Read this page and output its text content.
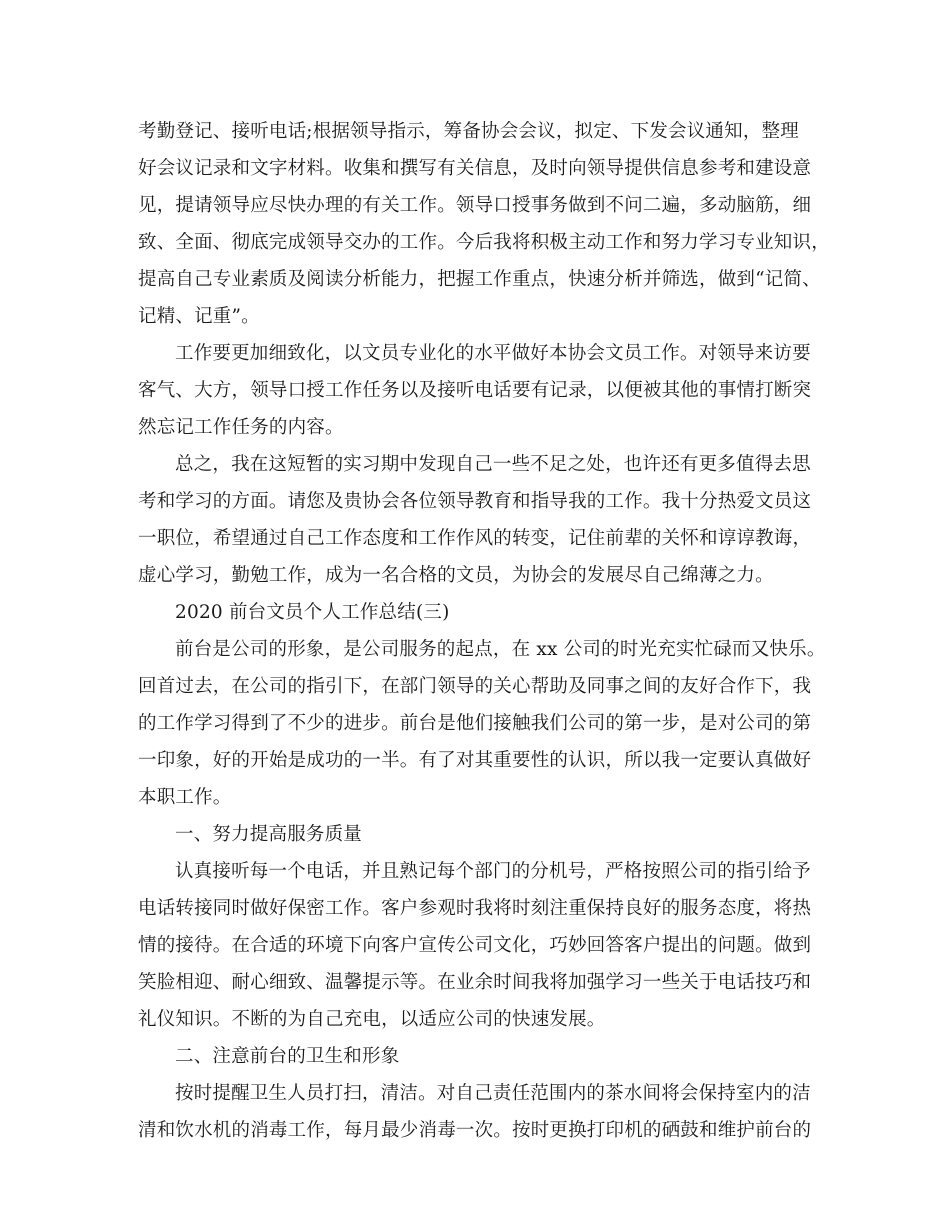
考勤登记、接听电话;根据领导指示，筹备协会会议，拟定、下发会议通知，整理
好会议记录和文字材料。收集和撰写有关信息，及时向领导提供信息参考和建设意
见，提请领导应尽快办理的有关工作。领导口授事务做到不问二遍，多动脑筋，细
致、全面、彻底完成领导交办的工作。今后我将积极主动工作和努力学习专业知识，
提高自己专业素质及阅读分析能力，把握工作重点，快速分析并筛选，做到“记简、
记精、记重”。
工作要更加细致化，以文员专业化的水平做好本协会文员工作。对领导来访要
客气、大方，领导口授工作任务以及接听电话要有记录，以便被其他的事情打断突
然忘记工作任务的内容。
总之，我在这短暂的实习期中发现自己一些不足之处，也许还有更多值得去思
考和学习的方面。请您及贵协会各位领导教育和指导我的工作。我十分热爱文员这
一职位，希望通过自己工作态度和工作作风的转变，记住前辈的关怀和谆谆教诲，
虚心学习，勤勉工作，成为一名合格的文员，为协会的发展尽自己绵薄之力。
2020 前台文员个人工作总结(三)
前台是公司的形象，是公司服务的起点，在 xx 公司的时光充实忙碌而又快乐。
回首过去，在公司的指引下，在部门领导的关心帮助及同事之间的友好合作下，我
的工作学习得到了不少的进步。前台是他们接触我们公司的第一步，是对公司的第
一印象，好的开始是成功的一半。有了对其重要性的认识，所以我一定要认真做好
本职工作。
一、努力提高服务质量
认真接听每一个电话，并且熟记每个部门的分机号，严格按照公司的指引给予
电话转接同时做好保密工作。客户参观时我将时刻注重保持良好的服务态度，将热
情的接待。在合适的环境下向客户宣传公司文化，巧妙回答客户提出的问题。做到
笑脸相迎、耐心细致、温馨提示等。在业余时间我将加强学习一些关于电话技巧和
礼仪知识。不断的为自己充电，以适应公司的快速发展。
二、注意前台的卫生和形象
按时提醒卫生人员打扫，清洁。对自己责任范围内的茶水间将会保持室内的洁
清和饮水机的消毒工作，每月最少消毒一次。按时更换打印机的硒鼓和维护前台的
